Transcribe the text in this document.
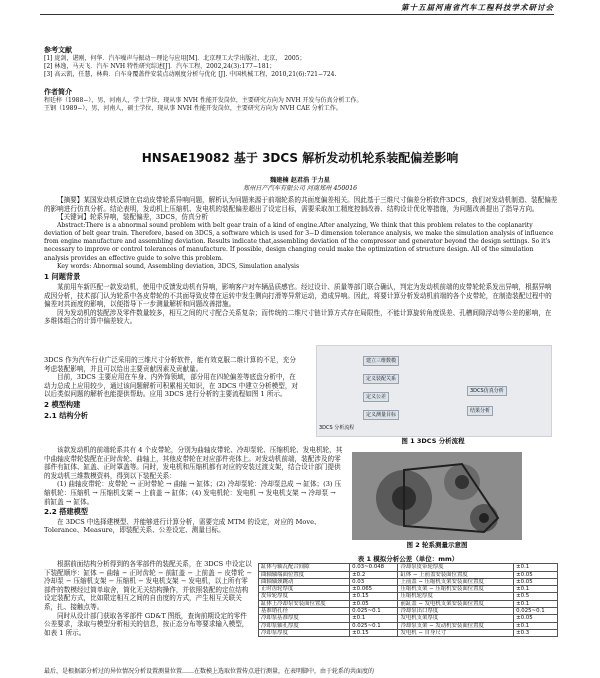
第十五届河南省汽车工程科技学术研讨会
参考文献

[1] 庞剑，谌刚，何华．汽车噪声与振动－理论与应用[M]．北京理工大学出版社，北京，　2005；

[2] 林逸，马天飞．汽车 NVH 特性研究综述[J]．汽车工程，2002,24(3):177−181；

[3] 高云凯，任慧，林典．白车身覆盖件安装点动刚度分析与优化 [J]. 中国机械工程，2010,21(6):721−724.

作者简介

程廷梓（1988−），男，河南人，学士学位，现从事 NVH 性能开发岗位，主要研究方向为 NVH 开发与仿真分析工作。

王钢（1989−），男，河南人，硕士学位，现从事 NVH 性能开发岗位，主要研究方向为 NVH CAE 分析工作。

HNSAE19082 基于 3DCS 解析发动机轮系装配偏差影响
魏建楠 赵君浩 于力星
郑州日产汽车有限公司 河南郑州 450016

【摘要】某国发动机反馈在启动皮带轮系异响问题，解析认为问题来源于前端轮系的共面度偏差相关。因此基于三维尺寸偏差分析软件3DCS，我们对发动机制造、装配偏差的影响进行仿真分析。结论表明，发动机上压缩机、发电机的装配偏差超出了设定目标，需要采取加工精度控制改善、结构设计优化等措施，为问题改善提出了指导方向。

【关键词】轮系异响，装配偏差，3DCS，仿真分析

Abstract:There is a abnormal sound problem with belt gear train of a kind of engine.After analyzing, We think that this problem relates to the coplanarity deviation of belt gear train. Therefore, based on 3DCS, a software which is used for 3−D dimension tolerance analysis, we make the simulation analysis of influence from engine manufacture and assembling deviation. Results indicate that,assembling deviation of the compressor and generator beyond the design settings. So it's necessary to improve or control tolerances of manufacture. If possible, design changing could make the optimization of structure design. All of the simulation analysis provides an effective guide to solve this problem.

Key words: Abnormal sound, Assembling deviation, 3DCS, Simulation analysis

1 问题背景

某前用车新匹配一款发动机，使用中反馈发动机有异响，影响客户对车辆品质感官。经过设计、质量等部门联合确认，判定为发动机前端的皮带轮轮系发出异响，根据异响成因分析，技术部门认为轮系中各皮带轮的不共面导致皮带在运转中发生侧向打滑等异常运动，造成异响。因此，将要计算分析发动机前端的各个皮带轮，在制造装配过程中的偏差对共面度的影响，以便指导下一步测量解析和问题改善措施。

因为发动机的装配涉及零件数量较多，相互之间的尺寸配合关系复杂；而传统的二维尺寸链计算方式存在局限性，不能计算旋转角度误差、孔槽间隙浮动等公差的影响，在多维体组合的计算中偏差较大。

3DCS 作为汽车行业广泛采用的三维尺寸分析软件，能有效克服二维计算的不足，充分考虑装配影响，并且可以给出主要贡献因素及贡献量。

目前，3DCS 主要应用在车身、内外饰领域，部分用在四轮偏差等底盘分析中，在动力总成上应用较少，通过该问题解析可积累相关知识，在 3DCS 中建立分析模型，对以后类似问题的解析也能提供帮助。应用 3DCS 进行分析的主要流程如图 1 所示。

2 模型构建
2.1 结构分析

该款发动机的前端轮系共有 4 个皮带轮，分别为曲轴皮带轮、冷却泵轮、压缩机轮、发电机轮，其中曲轴皮带轮装配在正时齿轮、曲轴上，其他皮带轮在对应部件壳体上。对发动机前端，装配涉及的零部件有缸体、缸盖、正时罩盖等。同时，发电机和压缩机都有对应的安装过渡支架，结合设计部门提供的发动机三维数模资料，得到以下装配关系：

(1) 曲轴皮带轮：皮带轮 → 正时带轮 → 曲轴 → 缸体；(2) 冷却泵轮：冷却泵总成 → 缸体；(3) 压缩机轮：压缩机 → 压缩机支架 → 上前盖 → 缸体；(4) 发电机轮：发电机 → 发电机支架 → 冷却泵 → 前缸盖 → 缸体。

2.2 搭建模型

在 3DCS 中选择建模型、并能够进行计算分析，需要完成 MTM 的设定，对应的 Move、Tolerance、Measure，即装配关系、公差设定、测量目标。

根据前面结构分析得到的各零部件的装配关系，在 3DCS 中设定以下装配顺序：缸体 − 曲轴 − 正时齿轮 − 前缸盖 − 上前盖 − 皮带轮 − 冷却泵 − 压缩机支架 − 压缩机 − 发电机支架 − 发电机，以上所有零部件的数模经过简单取舍，简化无关结构操作，并依照装配的定位结构设定装配方式，比如限定相互之间的自由度的方式，产生相互关联关系，扎、接触点等。

同时从设计部门获取各零部件 GD&T 图纸，查询前期设定的零件公差要求，录取与模型分析相关的信息，按正态分布等要求输入模型，如表 1 所示。

最后，是根据部分析过的异位情况分析设置测量位置……在数模上选取位置传点进行测量，在表明脚中，由于轮系的共面度的
建立三维数模
定义装配关系
定义公差
定义测量目标
3DCS仿真分析
结果分析
3DCS 分析流程
图 1 3DCS 分析流程
图 2 轮系测量示意图
表 1 模拟分析公差（单位：mm）
缸体与轴瓦配合间隙	0.03~0.048	冷却泵皮带轮厚度	±0.1
曲轴轴端面位置度	±0.2	缸体 − 上前盖安装面位置度	±0.05
曲轴轴颈跳动	0.03	上前盖 − 压缩机支架安装面位置度	±0.05
正时齿轮厚度	±0.065	压缩机支架 − 压缩机安装面位置度	±0.1
皮带轮厚度	±0.15	压缩机轮厚度	±0.5
缸体上冷却泵安装面位置度	±0.05	前缸盖 − 发电机支架安装面位置度	±0.1
基准销孔径	0.025~0.1	冷却泵出口厚度	0.025~0.1
冷却泵基准厚度	±0.1	发电机支架厚度	±0.05
冷却泵轴孔厚度	0.025~0.1	冷却泵支架 − 发动机安装面位置度	±0.1
冷却泵厚度	±0.15	发电机 − 自身尺寸	±0.3
